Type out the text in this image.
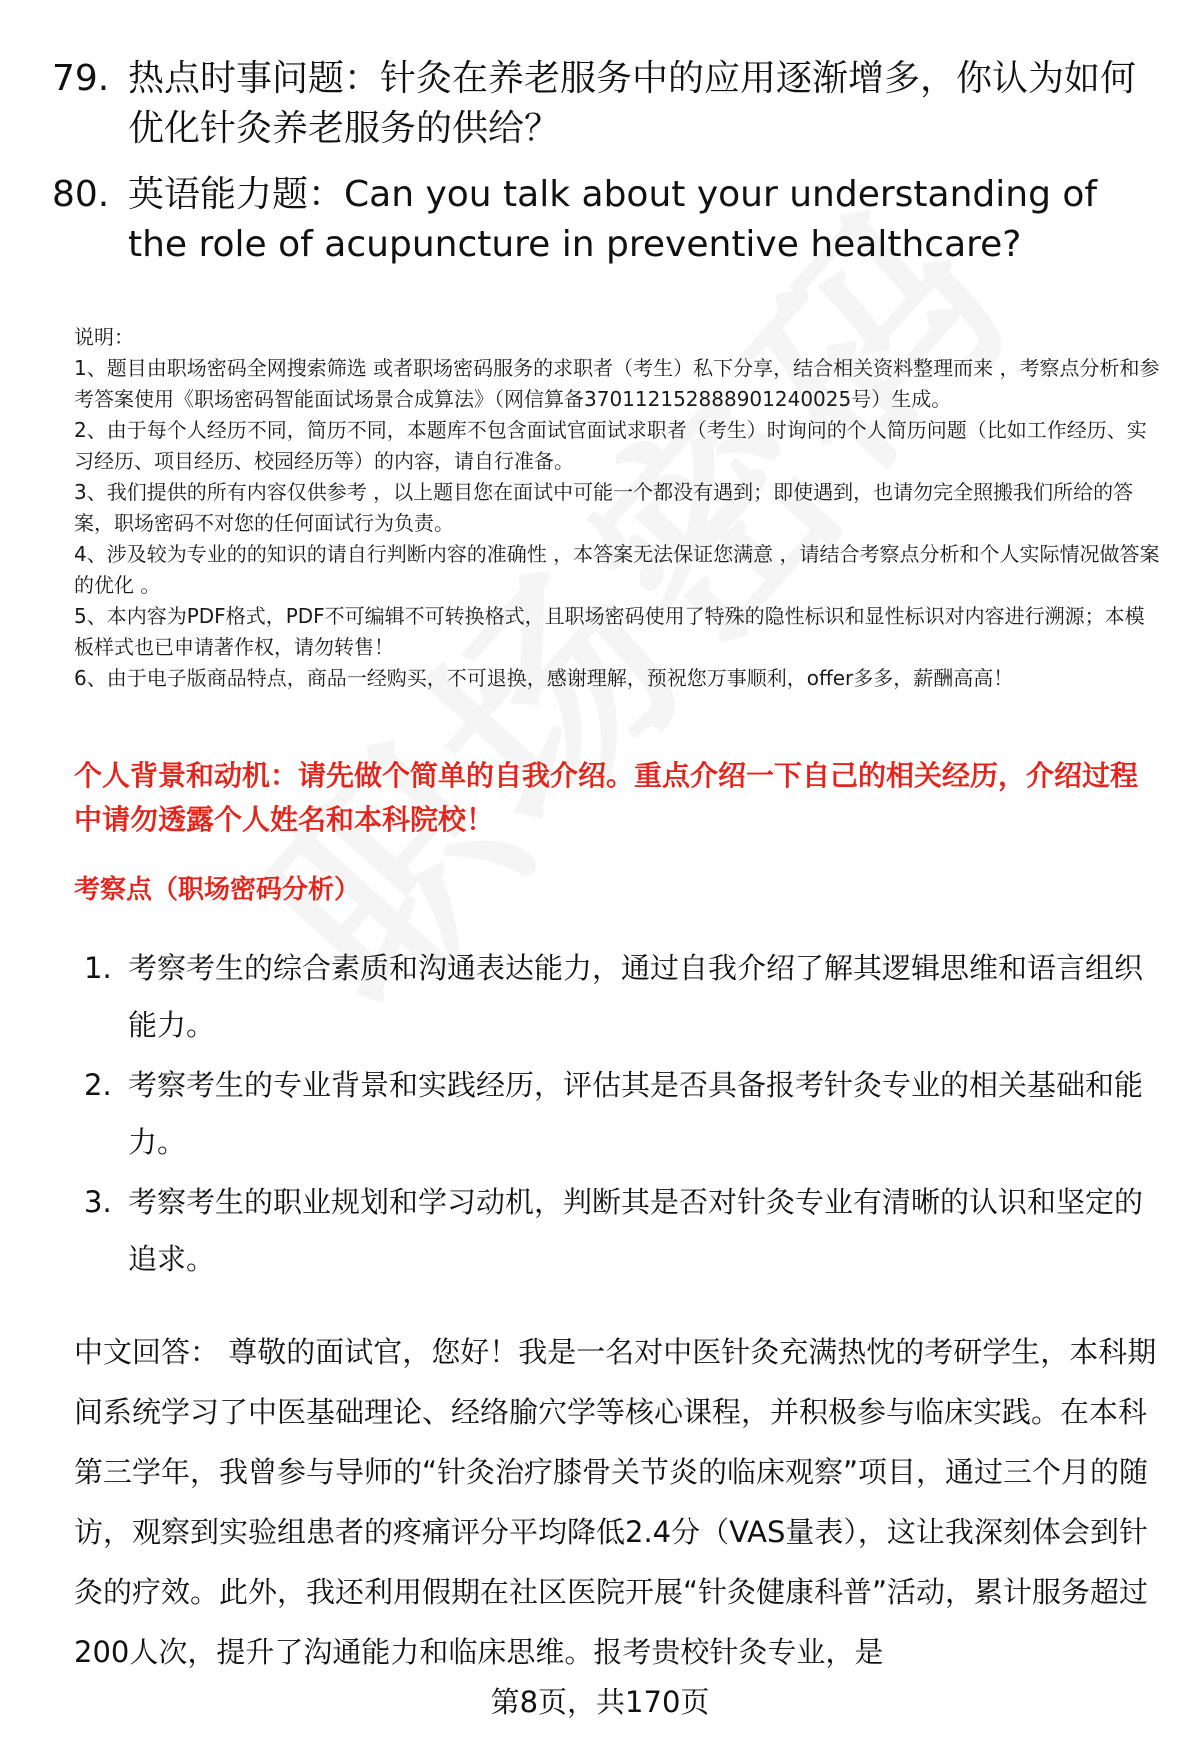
79. 热点时事问题：针灸在养老服务中的应用逐渐增多，你认为如何优化针灸养老服务的供给？
80. 英语能力题：Can you talk about your understanding of the role of acupuncture in preventive healthcare?

说明：

1、题目由职场密码全网搜索筛选 或者职场密码服务的求职者（考生）私下分享，结合相关资料整理而来 ，考察点分析和参考答案使用《职场密码智能面试场景合成算法》（网信算备370112152888901240025号）生成。

2、由于每个人经历不同，简历不同，本题库不包含面试官面试求职者（考生）时询问的个人简历问题（比如工作经历、实习经历、项目经历、校园经历等）的内容，请自行准备。

3、我们提供的所有内容仅供参考 ，以上题目您在面试中可能一个都没有遇到；即使遇到，也请勿完全照搬我们所给的答案，职场密码不对您的任何面试行为负责。

4、涉及较为专业的的知识的请自行判断内容的准确性 ，本答案无法保证您满意 ，请结合考察点分析和个人实际情况做答案的优化 。

5、本内容为PDF格式，PDF不可编辑不可转换格式，且职场密码使用了特殊的隐性标识和显性标识对内容进行溯源；本模板样式也已申请著作权，请勿转售！

6、由于电子版商品特点，商品一经购买，不可退换，感谢理解，预祝您万事顺利，offer多多，薪酬高高！

个人背景和动机：请先做个简单的自我介绍。重点介绍一下自己的相关经历，介绍过程中请勿透露个人姓名和本科院校！
考察点（职场密码分析）
1. 考察考生的综合素质和沟通表达能力，通过自我介绍了解其逻辑思维和语言组织能力。
2. 考察考生的专业背景和实践经历，评估其是否具备报考针灸专业的相关基础和能力。
3. 考察考生的职业规划和学习动机，判断其是否对针灸专业有清晰的认识和坚定的追求。
中文回答： 尊敬的面试官，您好！我是一名对中医针灸充满热忱的考研学生，本科期间系统学习了中医基础理论、经络腧穴学等核心课程，并积极参与临床实践。在本科第三学年，我曾参与导师的“针灸治疗膝骨关节炎的临床观察”项目，通过三个月的随访，观察到实验组患者的疼痛评分平均降低2.4分（VAS量表），这让我深刻体会到针灸的疗效。此外，我还利用假期在社区医院开展“针灸健康科普”活动，累计服务超过200人次，提升了沟通能力和临床思维。报考贵校针灸专业，是
第8页，共170页
